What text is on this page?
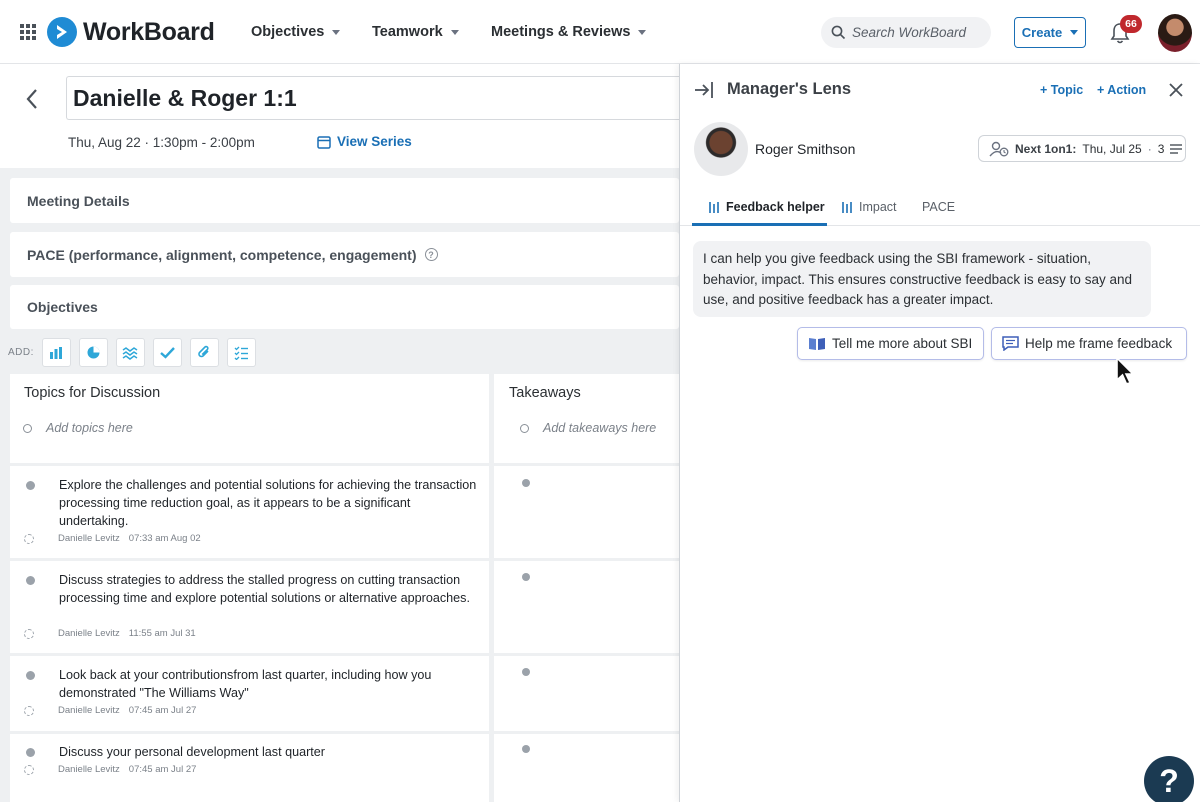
WorkBoard	Objectives	Teamwork	Meetings & Reviews
Search WorkBoard	Create
66
Danielle & Roger 1:1
Thu, Aug 22 · 1:30pm - 2:00pm	View Series
Meeting Details
PACE (performance, alignment, competence, engagement)	?
Objectives
ADD:
Topics for Discussion	Takeaways
Add topics here	Add takeaways here
Explore the challenges and potential solutions for achieving the transaction processing time reduction goal, as it appears to be a significant undertaking.
Danielle Levitz 07:33 am Aug 02
Discuss strategies to address the stalled progress on cutting transaction processing time and explore potential solutions or alternative approaches.
Danielle Levitz 11:55 am Jul 31
Look back at your contributionsfrom last quarter, including how you demonstrated "The Williams Way"
Danielle Levitz 07:45 am Jul 27
Discuss your personal development last quarter
Danielle Levitz 07:45 am Jul 27
Manager's Lens	+ Topic + Action
Roger Smithson	Next 1on1: Thu, Jul 25 · 3
Feedback helper	Impact PACE
I can help you give feedback using the SBI framework - situation, behavior, impact. This ensures constructive feedback is easy to say and use, and positive feedback has a greater impact.
Tell me more about SBI	Help me frame feedback
?
